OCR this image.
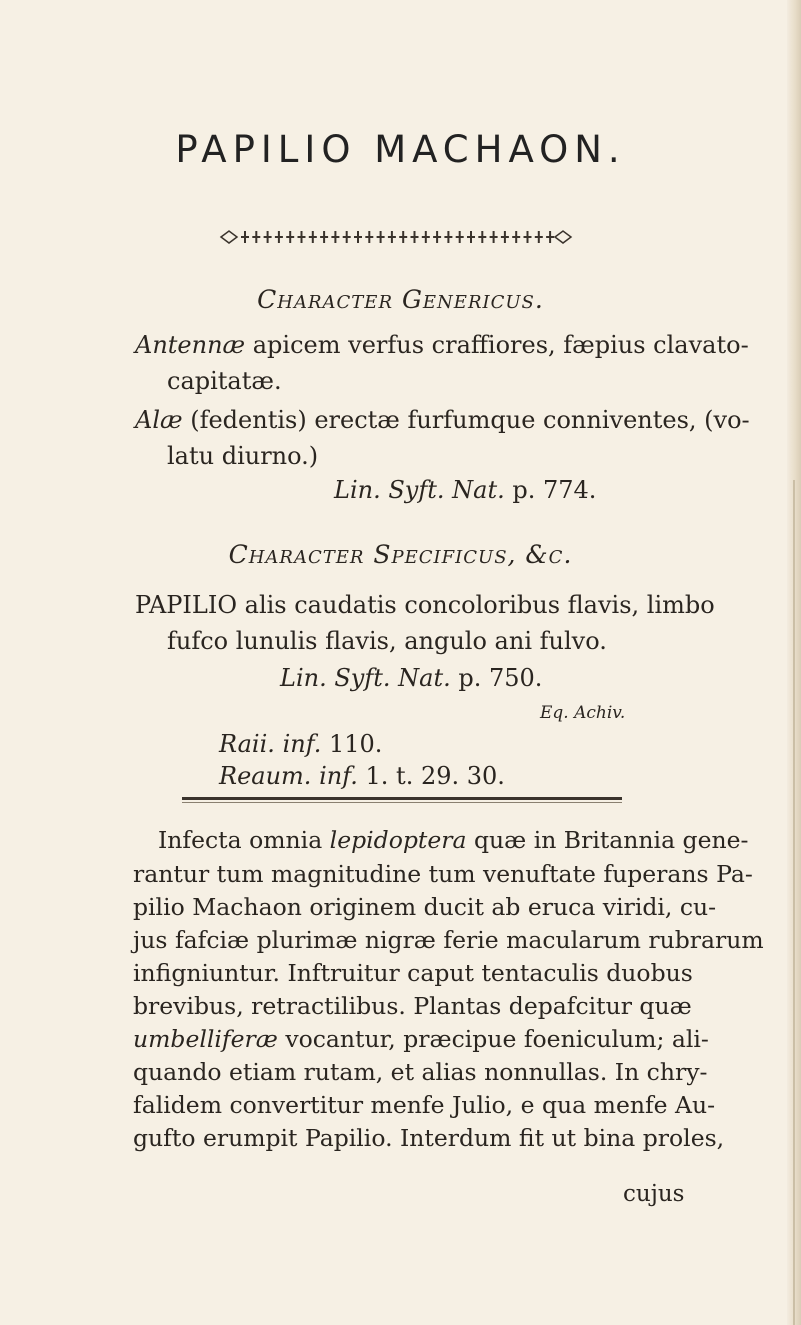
PAPILIO MACHAON.
Character Genericus.
Antennæ apicem verfus craffiores, fæpius clavato-
capitatæ.
Alæ (fedentis) erectæ furfumque conniventes, (vo-
latu diurno.)
Lin. Syft. Nat. p. 774.
Character Specificus, &c.
PAPILIO alis caudatis concoloribus flavis, limbo
fufco lunulis flavis, angulo ani fulvo.
Lin. Syft. Nat. p. 750.
Eq. Achiv.
Raii. inf. 110.
Reaum. inf. 1. t. 29. 30.
Infecta omnia lepidoptera quæ in Britannia gene-
rantur tum magnitudine tum venuftate fuperans Pa-
pilio Machaon originem ducit ab eruca viridi, cu-
jus fafciæ plurimæ nigræ ferie macularum rubrarum
infigniuntur. Inftruitur caput tentaculis duobus
brevibus, retractilibus. Plantas depafcitur quæ
umbelliferæ vocantur, præcipue foeniculum; ali-
quando etiam rutam, et alias nonnullas. In chry-
falidem convertitur menfe Julio, e qua menfe Au-
gufto erumpit Papilio. Interdum fit ut bina proles,
cujus
